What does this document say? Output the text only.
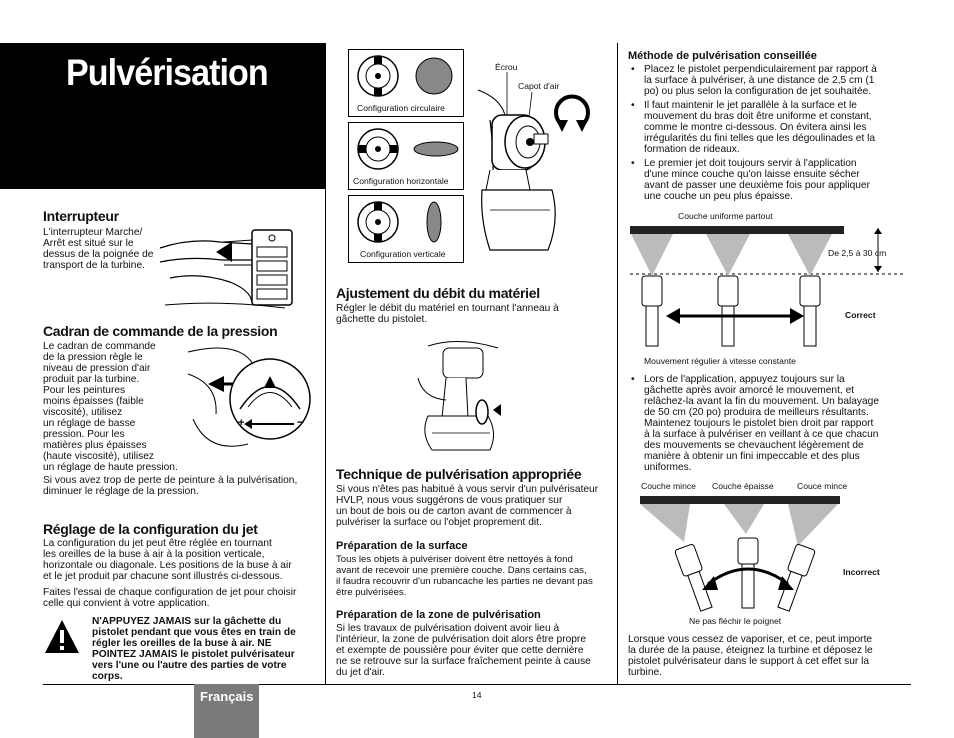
Pulvérisation
Interrupteur
L'interrupteur Marche/
Arrêt est situé sur le
dessus de la poignée de
transport de la turbine.
Cadran de commande de la pression
Le cadran de commande
de la pression règle le
niveau de pression d'air
produit par la turbine.
Pour les peintures
moins épaisses (faible
viscosité), utilisez
un réglage de basse
pression. Pour les
matières plus épaisses
(haute viscosité), utilisez
un réglage de haute pression.
+	−
Si vous avez trop de perte de peinture à la pulvérisation,
diminuer le réglage de la pression.
Réglage de la configuration du jet
La configuration du jet peut être réglée en tournant
les oreilles de la buse à air à la position verticale,
horizontale ou diagonale. Les positions de la buse à air
et le jet produit par chacune sont illustrés ci-dessous.
Faites l'essai de chaque configuration de jet pour choisir
celle qui convient à votre application.
N'APPUYEZ JAMAIS sur la gâchette du
pistolet pendant que vous êtes en train de
régler les oreilles de la buse à air. NE
POINTEZ JAMAIS le pistolet pulvérisateur
vers l'une ou l'autre des parties de votre
corps.
Configuration circulaire
Configuration horizontale
Configuration verticale
Écrou
Capot d'air
Ajustement du débit du matériel
Régler le débit du matériel en tournant l'anneau à
gâchette du pistolet.
Technique de pulvérisation appropriée
Si vous n'êtes pas habitué à vous servir d'un pulvérisateur
HVLP, nous vous suggérons de vous pratiquer sur
un bout de bois ou de carton avant de commencer à
pulvériser la surface ou l'objet proprement dit.
Préparation de la surface
Tous les objets à pulvériser doivent être nettoyés à fond
avant de recevoir une première couche. Dans certains cas,
il faudra recouvrir d'un rubancache les parties ne devant pas
être pulvérisées.
Préparation de la zone de pulvérisation
Si les travaux de pulvérisation doivent avoir lieu à
l'intérieur, la zone de pulvérisation doit alors être propre
et exempte de poussière pour éviter que cette dernière
ne se retrouve sur la surface fraîchement peinte à cause
du jet d'air.
Méthode de pulvérisation conseillée
• Placez le pistolet perpendiculairement par rapport à
la surface à pulvériser, à une distance de 2,5 cm (1
po) ou plus selon la configuration de jet souhaitée.
• Il faut maintenir le jet parallèle à la surface et le
mouvement du bras doit être uniforme et constant,
comme le montre ci-dessous. On évitera ainsi les
irrégularités du fini telles que les dégoulinades et la
formation de rideaux.
• Le premier jet doit toujours servir à l'application
d'une mince couche qu'on laisse ensuite sécher
avant de passer une deuxième fois pour appliquer
une couche un peu plus épaisse.
Couche uniforme partout
De 2,5 à 30 cm
Correct
Mouvement régulier à vitesse constante
• Lors de l'application, appuyez toujours sur la
gâchette après avoir amorcé le mouvement, et
relâchez-la avant la fin du mouvement. Un balayage
de 50 cm (20 po) produira de meilleurs résultants.
Maintenez toujours le pistolet bien droit par rapport
à la surface à pulvériser en veillant à ce que chacun
des mouvements se chevauchent légèrement de
manière à obtenir un fini impeccable et des plus
uniformes.
Couche mince Couche épaisse	Couce mince
Incorrect
Ne pas fléchir le poignet
Lorsque vous cessez de vaporiser, et ce, peut importe
la durée de la pause, éteignez la turbine et déposez le
pistolet pulvérisateur dans le support à cet effet sur la
turbine.
Français	14
